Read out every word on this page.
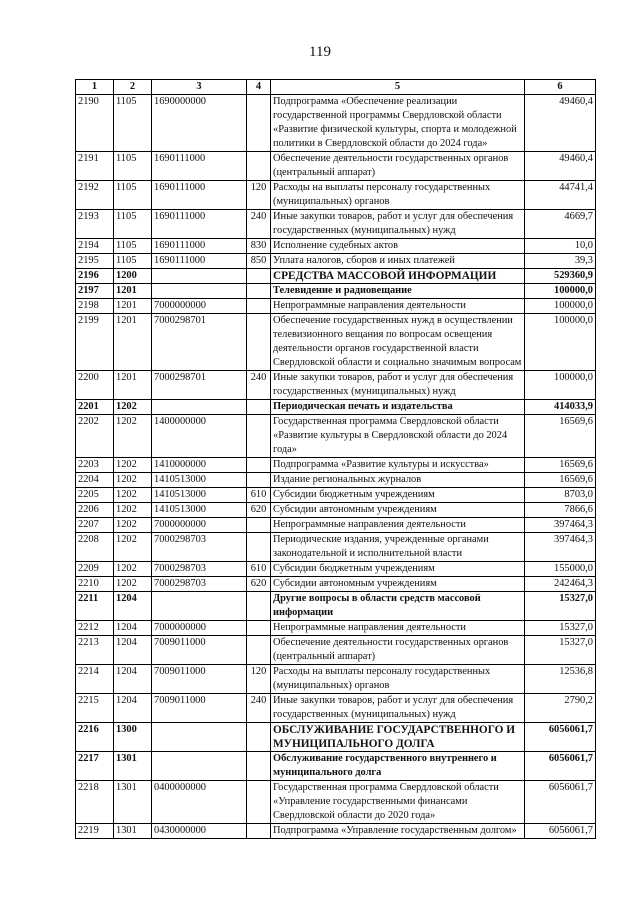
119
1	2	3	4	5	6
2190	1105	1690000000		Подпрограмма «Обеспечение реализации государственной программы Свердловской области «Развитие физической культуры, спорта и молодежной политики в Свердловской области до 2024 года»	49460,4
2191	1105	1690111000		Обеспечение деятельности государственных органов (центральный аппарат)	49460,4
2192	1105	1690111000	120	Расходы на выплаты персоналу государственных (муниципальных) органов	44741,4
2193	1105	1690111000	240	Иные закупки товаров, работ и услуг для обеспечения государственных (муниципальных) нужд	4669,7
2194	1105	1690111000	830	Исполнение судебных актов	10,0
2195	1105	1690111000	850	Уплата налогов, сборов и иных платежей	39,3
2196	1200			СРЕДСТВА МАССОВОЙ ИНФОРМАЦИИ	529360,9
2197	1201			Телевидение и радиовещание	100000,0
2198	1201	7000000000		Непрограммные направления деятельности	100000,0
2199	1201	7000298701		Обеспечение государственных нужд в осуществлении телевизионного вещания по вопросам освещения деятельности органов государственной власти Свердловской области и социально значимым вопросам	100000,0
2200	1201	7000298701	240	Иные закупки товаров, работ и услуг для обеспечения государственных (муниципальных) нужд	100000,0
2201	1202			Периодическая печать и издательства	414033,9
2202	1202	1400000000		Государственная программа Свердловской области «Развитие культуры в Свердловской области до 2024 года»	16569,6
2203	1202	1410000000		Подпрограмма «Развитие культуры и искусства»	16569,6
2204	1202	1410513000		Издание региональных журналов	16569,6
2205	1202	1410513000	610	Субсидии бюджетным учреждениям	8703,0
2206	1202	1410513000	620	Субсидии автономным учреждениям	7866,6
2207	1202	7000000000		Непрограммные направления деятельности	397464,3
2208	1202	7000298703		Периодические издания, учрежденные органами законодательной и исполнительной власти	397464,3
2209	1202	7000298703	610	Субсидии бюджетным учреждениям	155000,0
2210	1202	7000298703	620	Субсидии автономным учреждениям	242464,3
2211	1204			Другие вопросы в области средств массовой информации	15327,0
2212	1204	7000000000		Непрограммные направления деятельности	15327,0
2213	1204	7009011000		Обеспечение деятельности государственных органов (центральный аппарат)	15327,0
2214	1204	7009011000	120	Расходы на выплаты персоналу государственных (муниципальных) органов	12536,8
2215	1204	7009011000	240	Иные закупки товаров, работ и услуг для обеспечения государственных (муниципальных) нужд	2790,2
2216	1300			ОБСЛУЖИВАНИЕ ГОСУДАРСТВЕННОГО И МУНИЦИПАЛЬНОГО ДОЛГА	6056061,7
2217	1301			Обслуживание государственного внутреннего и муниципального долга	6056061,7
2218	1301	0400000000		Государственная программа Свердловской области «Управление государственными финансами Свердловской области до 2020 года»	6056061,7
2219	1301	0430000000		Подпрограмма «Управление государственным долгом»	6056061,7
